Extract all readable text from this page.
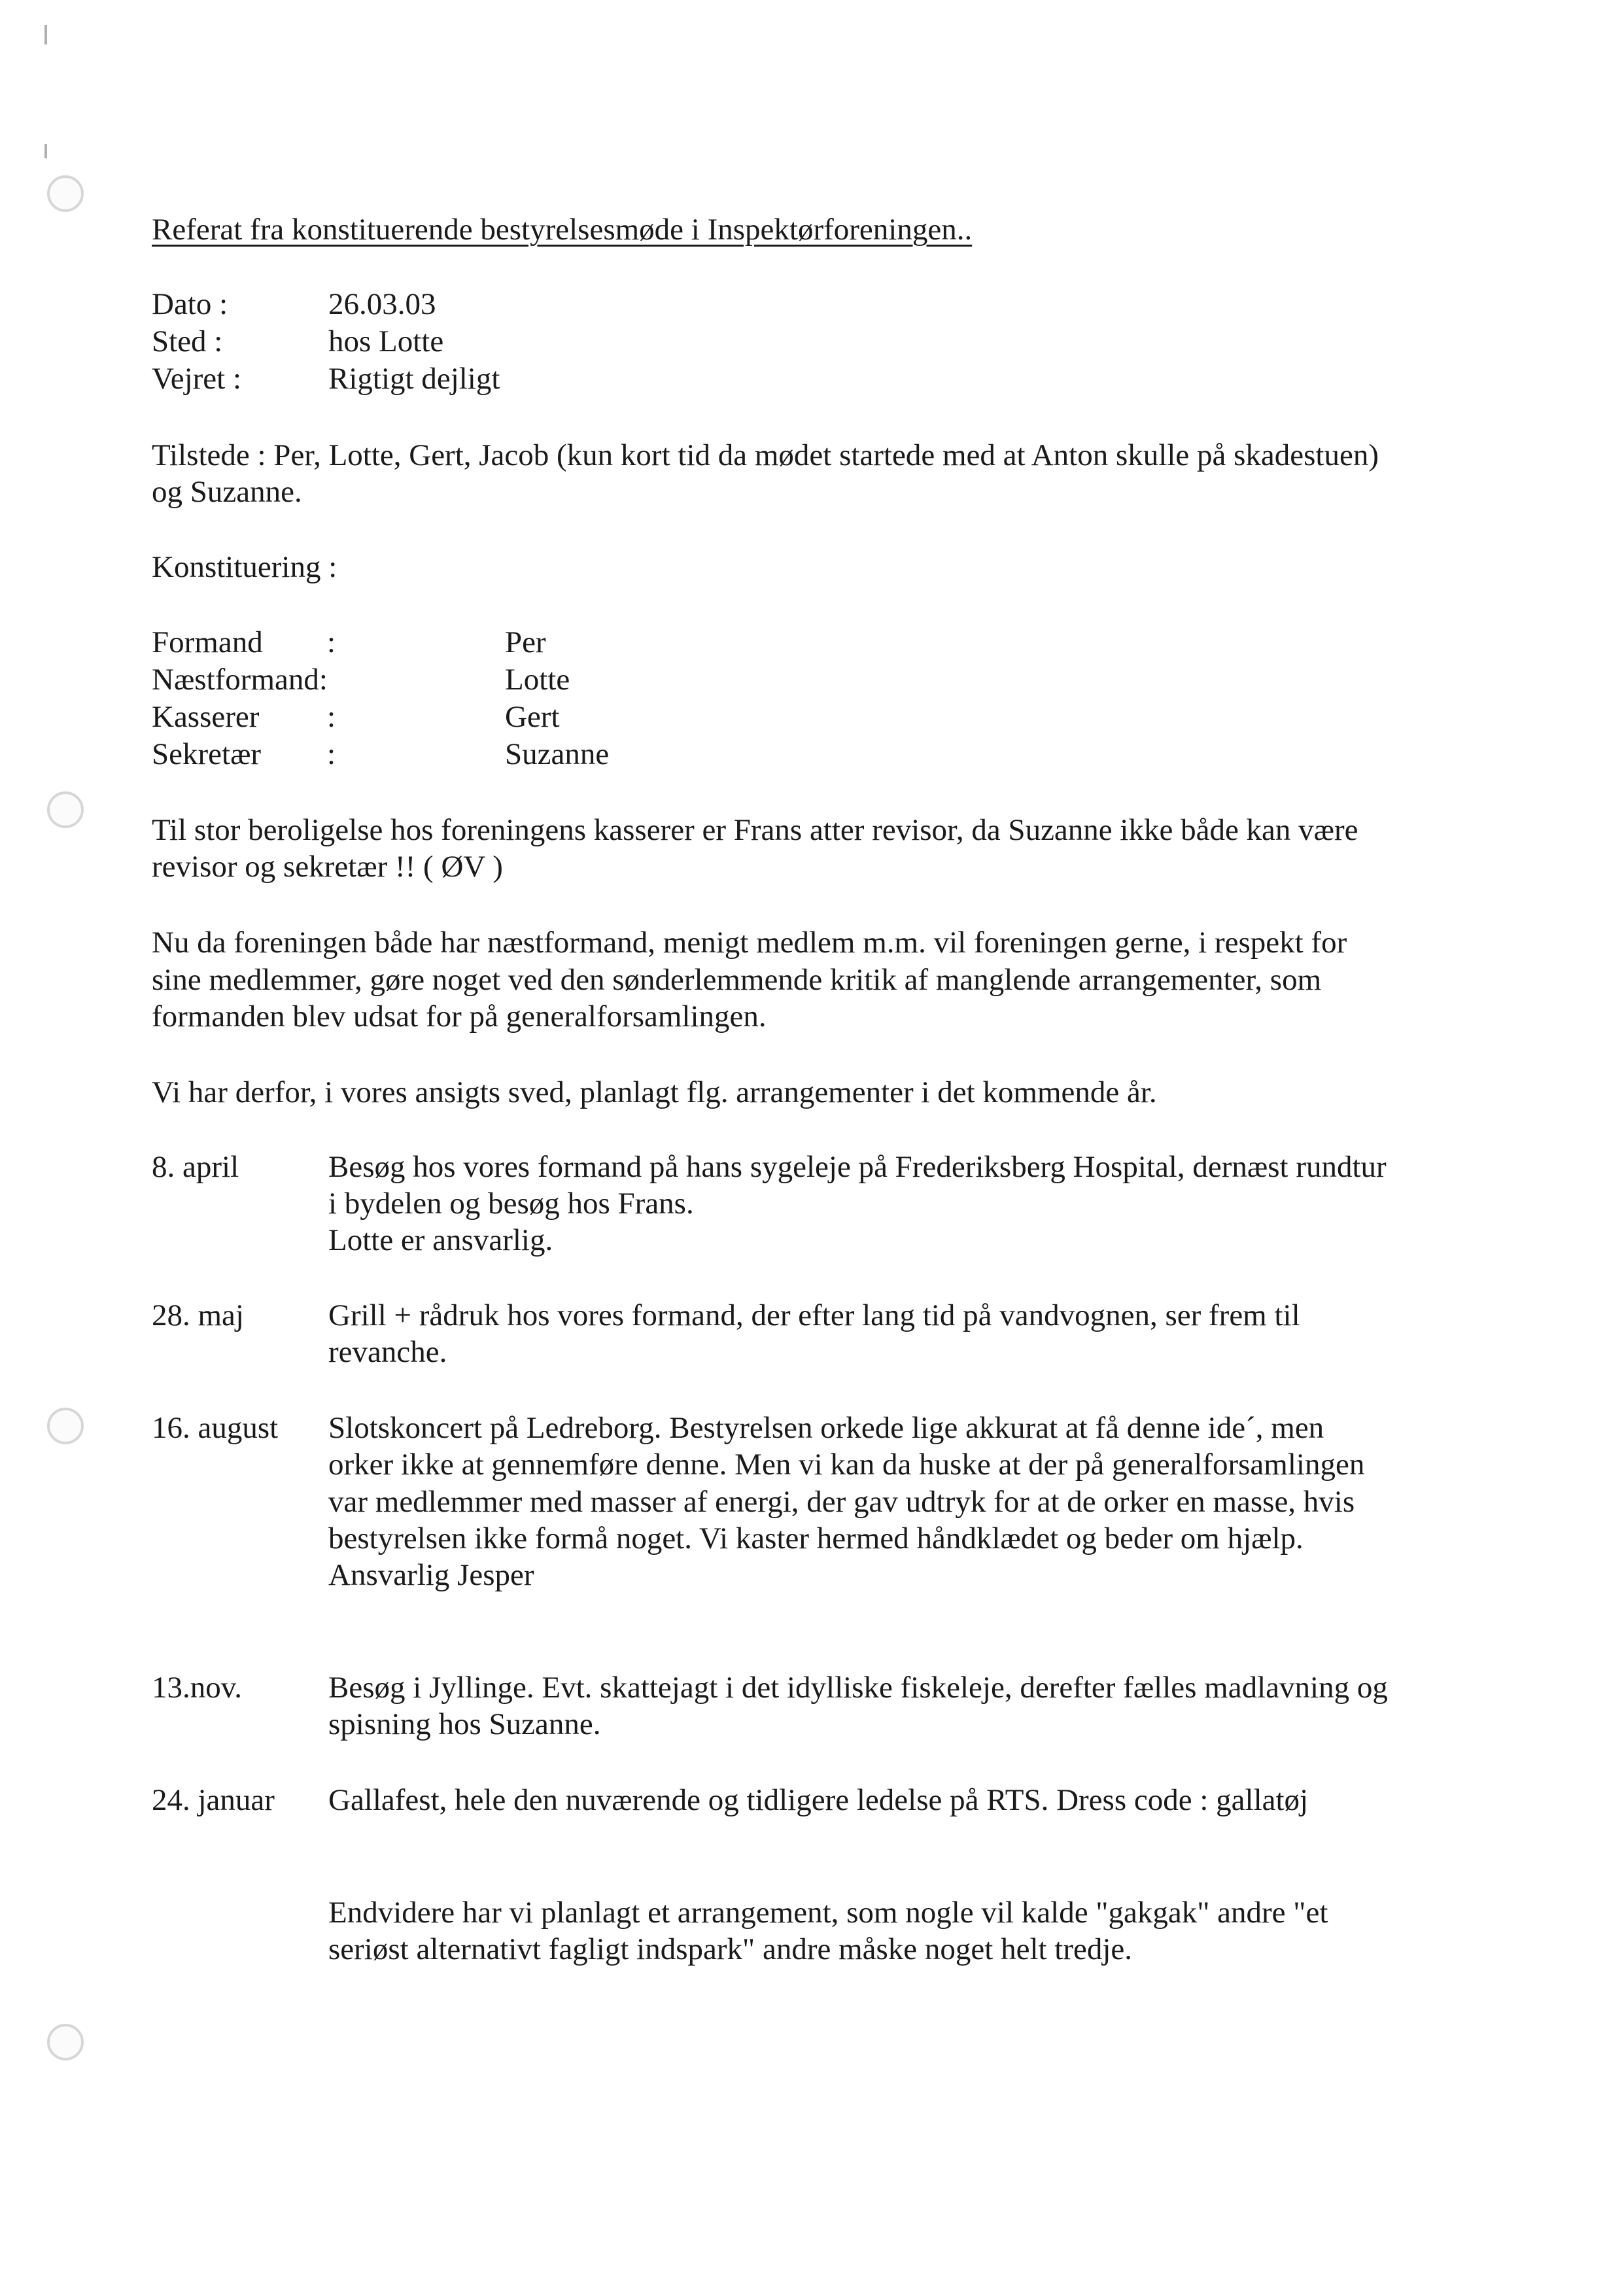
Referat fra konstituerende bestyrelsesmøde i Inspektørforeningen..

Dato :	26.03.03

Sted :	hos Lotte

Vejret :	Rigtigt dejligt

Tilstede : Per, Lotte, Gert, Jacob (kun kort tid da mødet startede med at Anton skulle på skadestuen)

og Suzanne.

Konstituering :

Formand :	Per

Næstformand:	Lotte

Kasserer :	Gert

Sekretær :	Suzanne

Til stor beroligelse hos foreningens kasserer er Frans atter revisor, da Suzanne ikke både kan være

revisor og sekretær !! ( ØV )

Nu da foreningen både har næstformand, menigt medlem m.m. vil foreningen gerne, i respekt for

sine medlemmer, gøre noget ved den sønderlemmende kritik af manglende arrangementer, som

formanden blev udsat for på generalforsamlingen.

Vi har derfor, i vores ansigts sved, planlagt flg. arrangementer i det kommende år.

8. april	Besøg hos vores formand på hans sygeleje på Frederiksberg Hospital, dernæst rundtur

i bydelen og besøg hos Frans.

Lotte er ansvarlig.

28. maj	Grill + rådruk hos vores formand, der efter lang tid på vandvognen, ser frem til

revanche.

16. august Slotskoncert på Ledreborg. Bestyrelsen orkede lige akkurat at få denne ide´, men

orker ikke at gennemføre denne. Men vi kan da huske at der på generalforsamlingen

var medlemmer med masser af energi, der gav udtryk for at de orker en masse, hvis

bestyrelsen ikke formå noget. Vi kaster hermed håndklædet og beder om hjælp.

Ansvarlig Jesper

13.nov.	Besøg i Jyllinge. Evt. skattejagt i det idylliske fiskeleje, derefter fælles madlavning og

spisning hos Suzanne.

24. januar Gallafest, hele den nuværende og tidligere ledelse på RTS. Dress code : gallatøj

Endvidere har vi planlagt et arrangement, som nogle vil kalde "gakgak" andre "et

seriøst alternativt fagligt indspark" andre måske noget helt tredje.
